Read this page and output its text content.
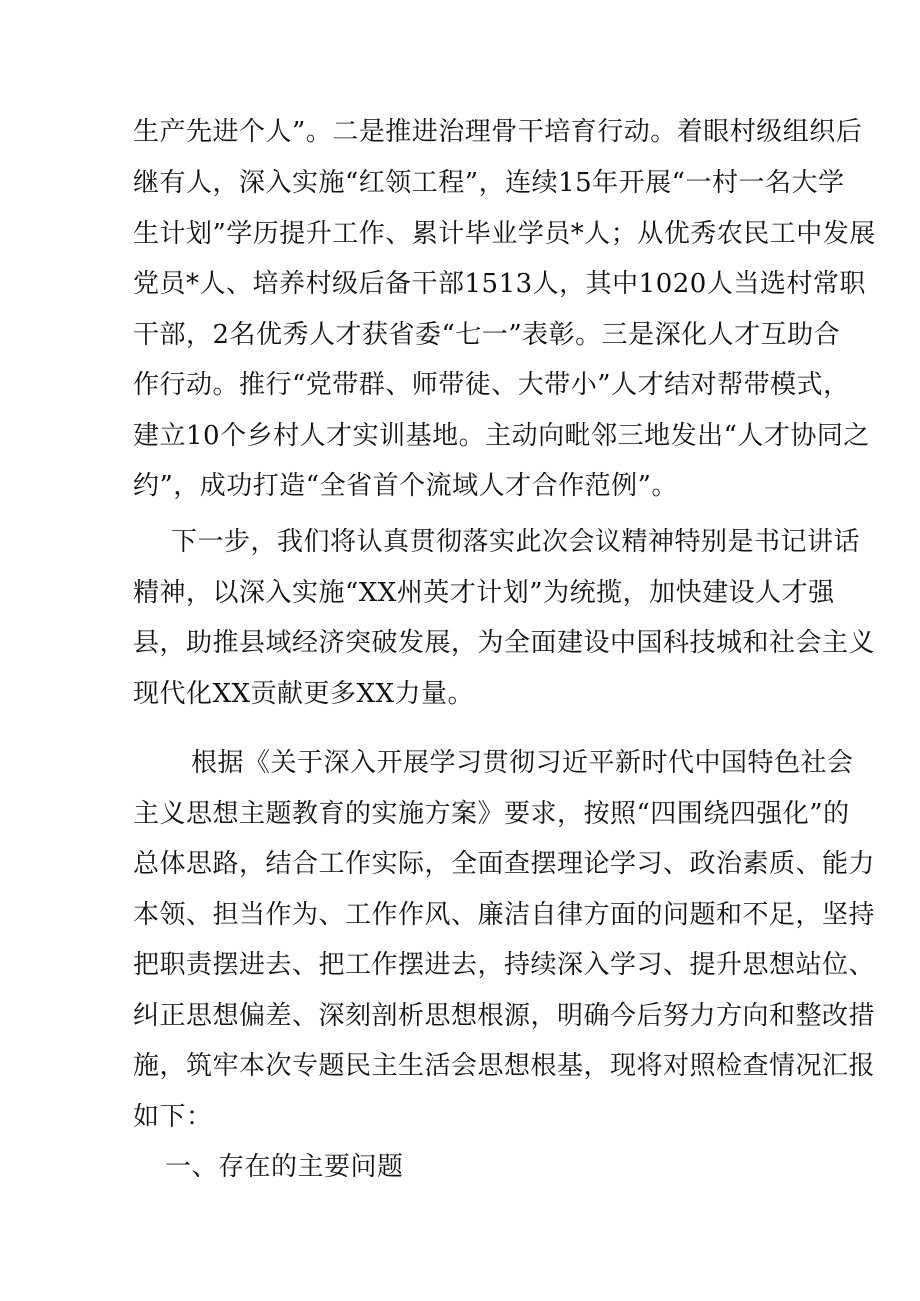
生产先进个人”。二是推进治理骨干培育行动。着眼村级组织后
继有人，深入实施“红领工程”，连续15年开展“一村一名大学
生计划”学历提升工作、累计毕业学员*人；从优秀农民工中发展
党员*人、培养村级后备干部1513人，其中1020人当选村常职
干部，2名优秀人才获省委“七一”表彰。三是深化人才互助合
作行动。推行“党带群、师带徒、大带小”人才结对帮带模式，
建立10个乡村人才实训基地。主动向毗邻三地发出“人才协同之
约”，成功打造“全省首个流域人才合作范例”。
下一步，我们将认真贯彻落实此次会议精神特别是书记讲话
精神，以深入实施“XX州英才计划”为统揽，加快建设人才强
县，助推县域经济突破发展，为全面建设中国科技城和社会主义
现代化XX贡献更多XX力量。
根据《关于深入开展学习贯彻习近平新时代中国特色社会
主义思想主题教育的实施方案》要求，按照“四围绕四强化”的
总体思路，结合工作实际，全面查摆理论学习、政治素质、能力
本领、担当作为、工作作风、廉洁自律方面的问题和不足，坚持
把职责摆进去、把工作摆进去，持续深入学习、提升思想站位、
纠正思想偏差、深刻剖析思想根源，明确今后努力方向和整改措
施，筑牢本次专题民主生活会思想根基，现将对照检查情况汇报
如下：
一、存在的主要问题
